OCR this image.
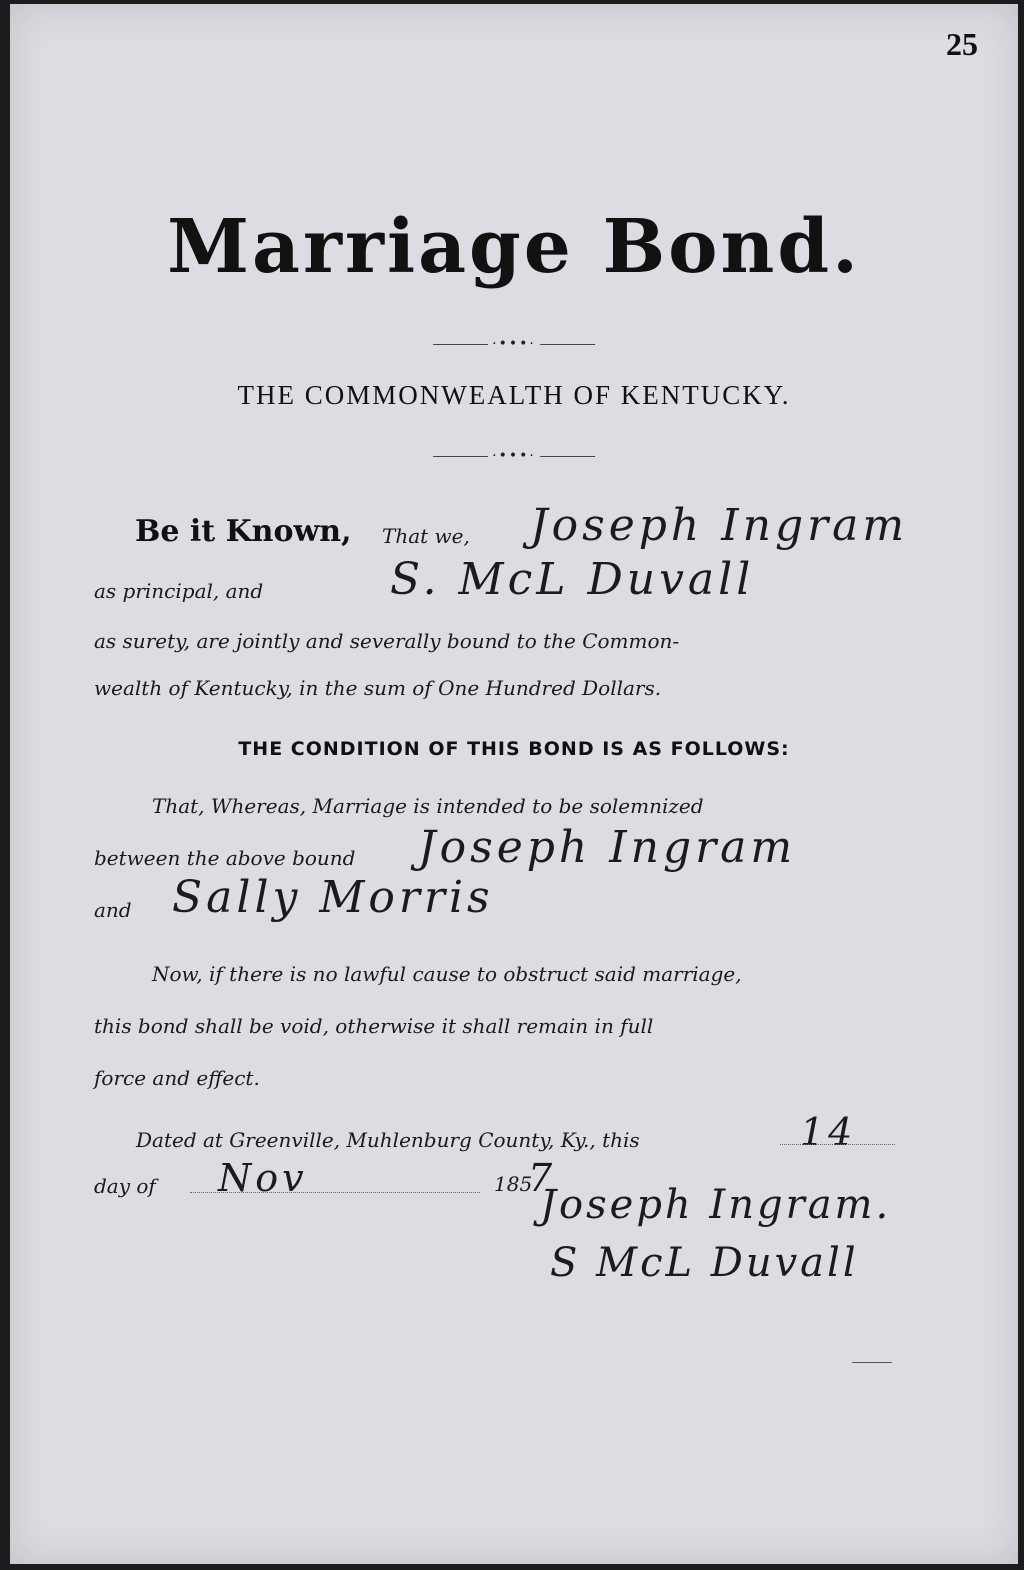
25
Marriage Bond.
·•••·
THE COMMONWEALTH OF KENTUCKY.
·•••·
Be it Known, That we, Joseph Ingram
as principal, and	S. McL Duvall
as surety, are jointly and severally bound to the Common-
wealth of Kentucky, in the sum of One Hundred Dollars.
THE CONDITION OF THIS BOND IS AS FOLLOWS:
That, Whereas, Marriage is intended to be solemnized
between the above bound Joseph Ingram
and Sally Morris
Now, if there is no lawful cause to obstruct said marriage,
this bond shall be void, otherwise it shall remain in full
force and effect.
Dated at Greenville, Muhlenburg County, Ky., this	14
day of Nov	185
7
Joseph Ingram.
S McL Duvall
